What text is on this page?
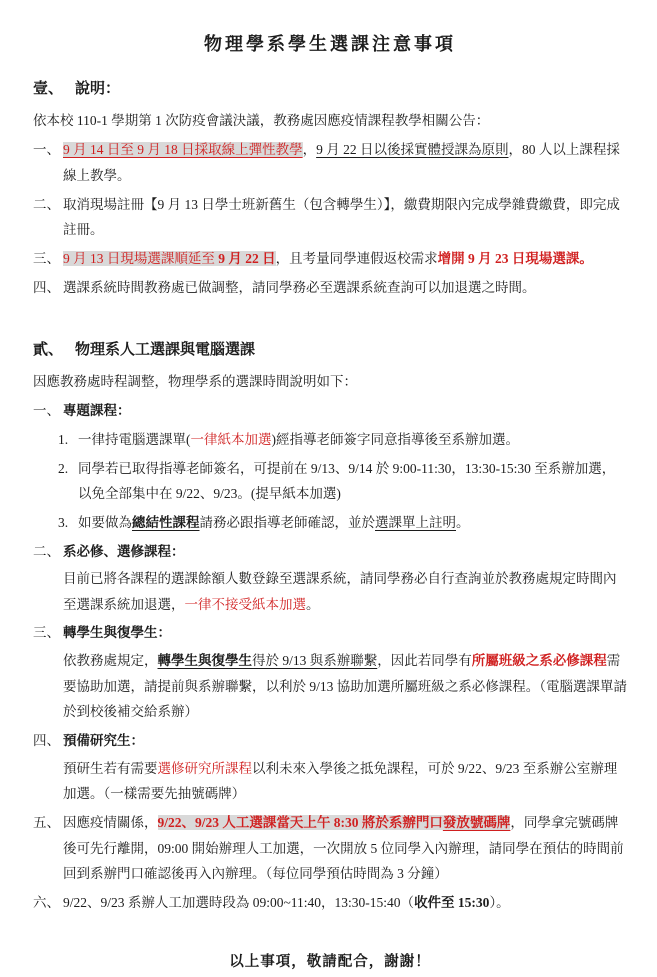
物理學系學生選課注意事項
壹、 說明：
依本校 110-1 學期第 1 次防疫會議決議，教務處因應疫情課程教學相關公告：
一、 9 月 14 日至 9 月 18 日採取線上彈性教學，9 月 22 日以後採實體授課為原則，80 人以上課程採線上教學。
二、 取消現場註冊【9 月 13 日學士班新舊生（包含轉學生）】，繳費期限內完成學雜費繳費，即完成註冊。
三、 9 月 13 日現場選課順延至 9 月 22 日，且考量同學連假返校需求增開 9 月 23 日現場選課。
四、 選課系統時間教務處已做調整，請同學務必至選課系統查詢可以加退選之時間。
貳、 物理系人工選課與電腦選課
因應教務處時程調整，物理學系的選課時間說明如下：
一、 專題課程：
1. 一律持電腦選課單(一律紙本加選)經指導老師簽字同意指導後至系辦加選。
2. 同學若已取得指導老師簽名，可提前在 9/13、9/14 於 9:00-11:30，13:30-15:30 至系辦加選，以免全部集中在 9/22、9/23。(提早紙本加選)
3. 如要做為總結性課程請務必跟指導老師確認，並於選課單上註明。
二、 系必修、選修課程：
目前已將各課程的選課餘額人數登錄至選課系統，請同學務必自行查詢並於教務處規定時間內至選課系統加退選，一律不接受紙本加選。
三、 轉學生與復學生：
依教務處規定，轉學生與復學生得於 9/13 與系辦聯繫，因此若同學有所屬班級之系必修課程需要協助加選，請提前與系辦聯繫，以利於 9/13 協助加選所屬班級之系必修課程。（電腦選課單請於到校後補交給系辦）
四、 預備研究生：
預研生若有需要選修研究所課程以利未來入學後之抵免課程，可於 9/22、9/23 至系辦公室辦理加選。（一樣需要先抽號碼牌）
五、 因應疫情關係，9/22、9/23 人工選課當天上午 8:30 將於系辦門口發放號碼牌，同學拿完號碼牌後可先行離開，09:00 開始辦理人工加選，一次開放 5 位同學入內辦理，請同學在預估的時間前回到系辦門口確認後再入內辦理。（每位同學預估時間為 3 分鐘）
六、 9/22、9/23 系辦人工加選時段為 09:00~11:40，13:30-15:40（收件至 15:30）。
以上事項，敬請配合，謝謝！
